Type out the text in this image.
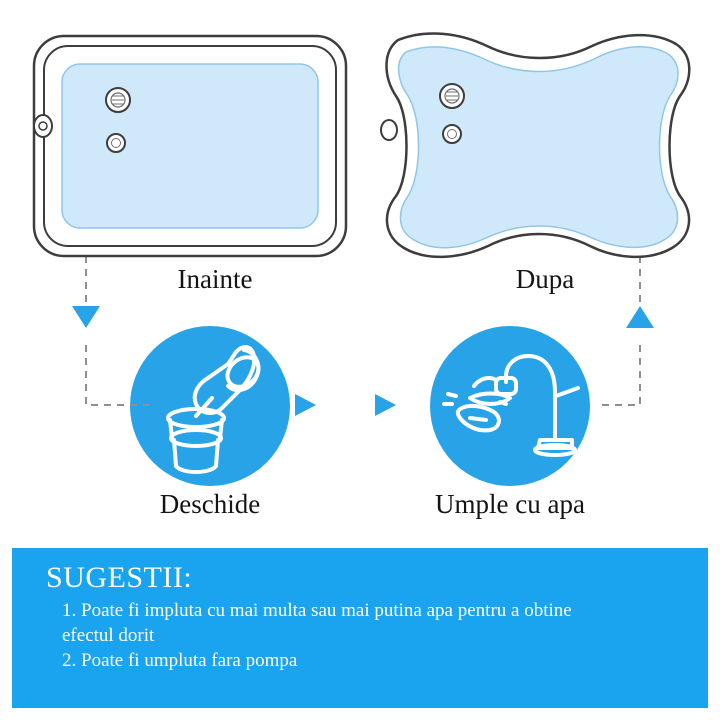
Inainte	Dupa
Deschide	Umple cu apa
SUGESTII:
1. Poate fi impluta cu mai multa sau mai putina apa pentru a obtine
efectul dorit
2. Poate fi umpluta fara pompa
